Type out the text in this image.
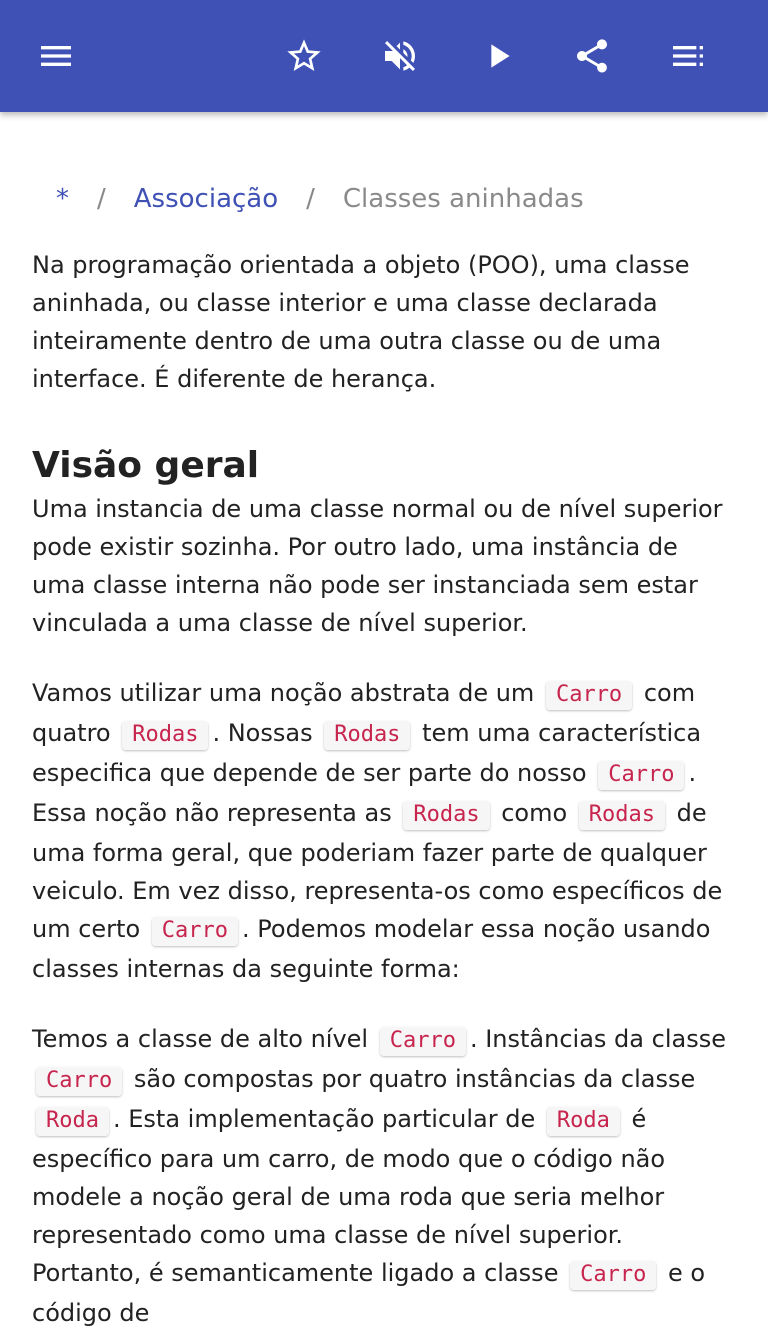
* / Associação / Classes aninhadas

Na programação orientada a objeto (POO), uma classe aninhada, ou classe interior e uma classe declarada inteiramente dentro de uma outra classe ou de uma interface. É diferente de herança.

Visão geral

Uma instancia de uma classe normal ou de nível superior pode existir sozinha. Por outro lado, uma instância de uma classe interna não pode ser instanciada sem estar vinculada a uma classe de nível superior.

Vamos utilizar uma noção abstrata de um Carro com quatro Rodas . Nossas Rodas tem uma característica especifica que depende de ser parte do nosso Carro . Essa noção não representa as Rodas como Rodas de uma forma geral, que poderiam fazer parte de qualquer veiculo. Em vez disso, representa-os como específicos de um certo Carro . Podemos modelar essa noção usando classes internas da seguinte forma:

Temos a classe de alto nível Carro . Instâncias da classe Carro são compostas por quatro instâncias da classe Roda . Esta implementação particular de Roda é específico para um carro, de modo que o código não modele a noção geral de uma roda que seria melhor representado como uma classe de nível superior. Portanto, é semanticamente ligado a classe Carro e o código de
